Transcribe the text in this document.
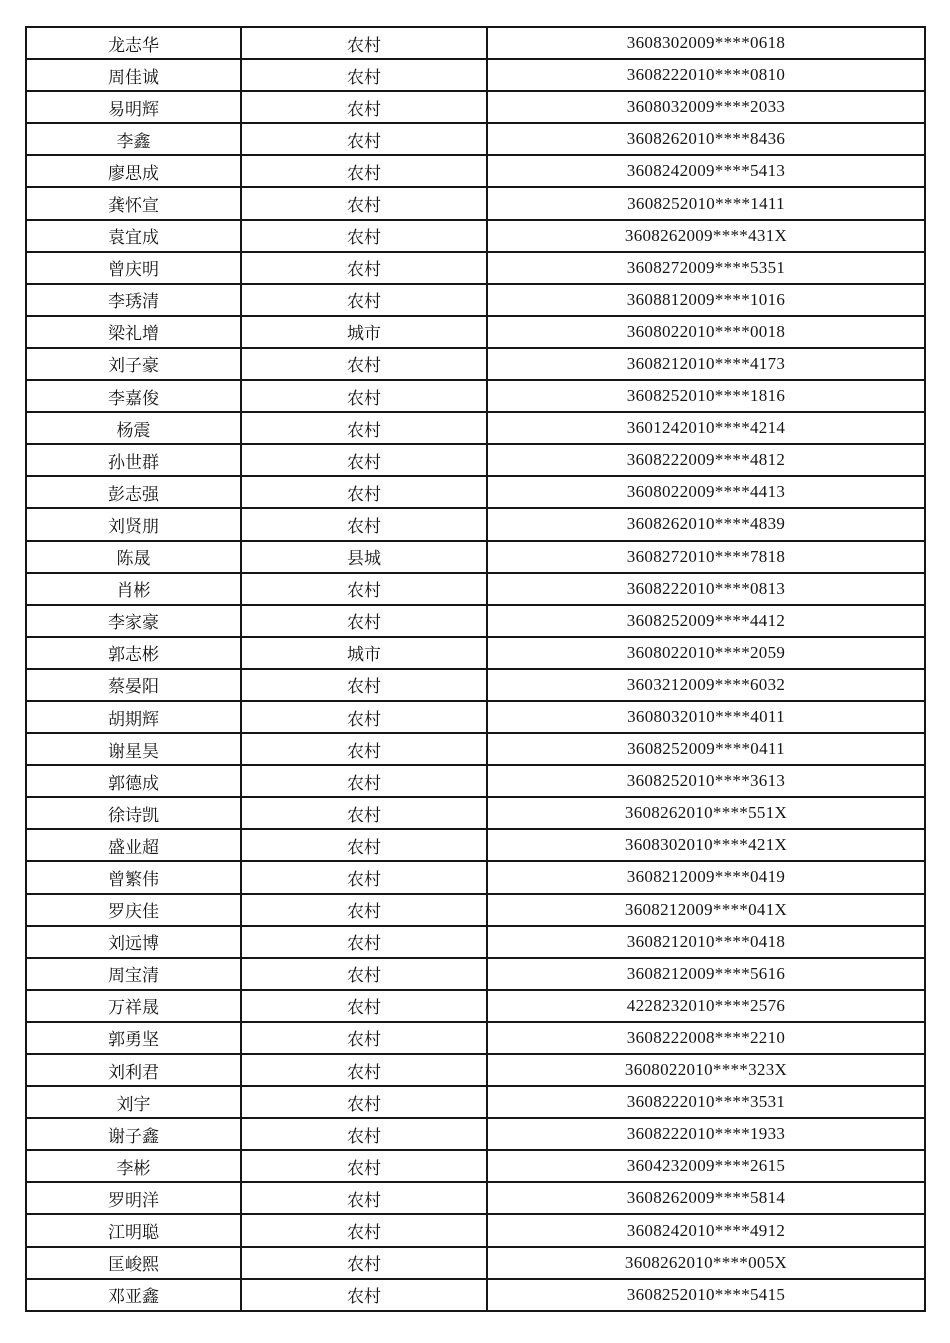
龙志华	农村	3608302009****0618
周佳诚	农村	3608222010****0810
易明辉	农村	3608032009****2033
李鑫	农村	3608262010****8436
廖思成	农村	3608242009****5413
龚怀宣	农村	3608252010****1411
袁宜成	农村	3608262009****431X
曾庆明	农村	3608272009****5351
李琇清	农村	3608812009****1016
梁礼增	城市	3608022010****0018
刘子豪	农村	3608212010****4173
李嘉俊	农村	3608252010****1816
杨震	农村	3601242010****4214
孙世群	农村	3608222009****4812
彭志强	农村	3608022009****4413
刘贤朋	农村	3608262010****4839
陈晟	县城	3608272010****7818
肖彬	农村	3608222010****0813
李家豪	农村	3608252009****4412
郭志彬	城市	3608022010****2059
蔡晏阳	农村	3603212009****6032
胡期辉	农村	3608032010****4011
谢星昊	农村	3608252009****0411
郭德成	农村	3608252010****3613
徐诗凯	农村	3608262010****551X
盛业超	农村	3608302010****421X
曾繁伟	农村	3608212009****0419
罗庆佳	农村	3608212009****041X
刘远博	农村	3608212010****0418
周宝清	农村	3608212009****5616
万祥晟	农村	4228232010****2576
郭勇坚	农村	3608222008****2210
刘利君	农村	3608022010****323X
刘宇	农村	3608222010****3531
谢子鑫	农村	3608222010****1933
李彬	农村	3604232009****2615
罗明洋	农村	3608262009****5814
江明聪	农村	3608242010****4912
匡峻熙	农村	3608262010****005X
邓亚鑫	农村	3608252010****5415
